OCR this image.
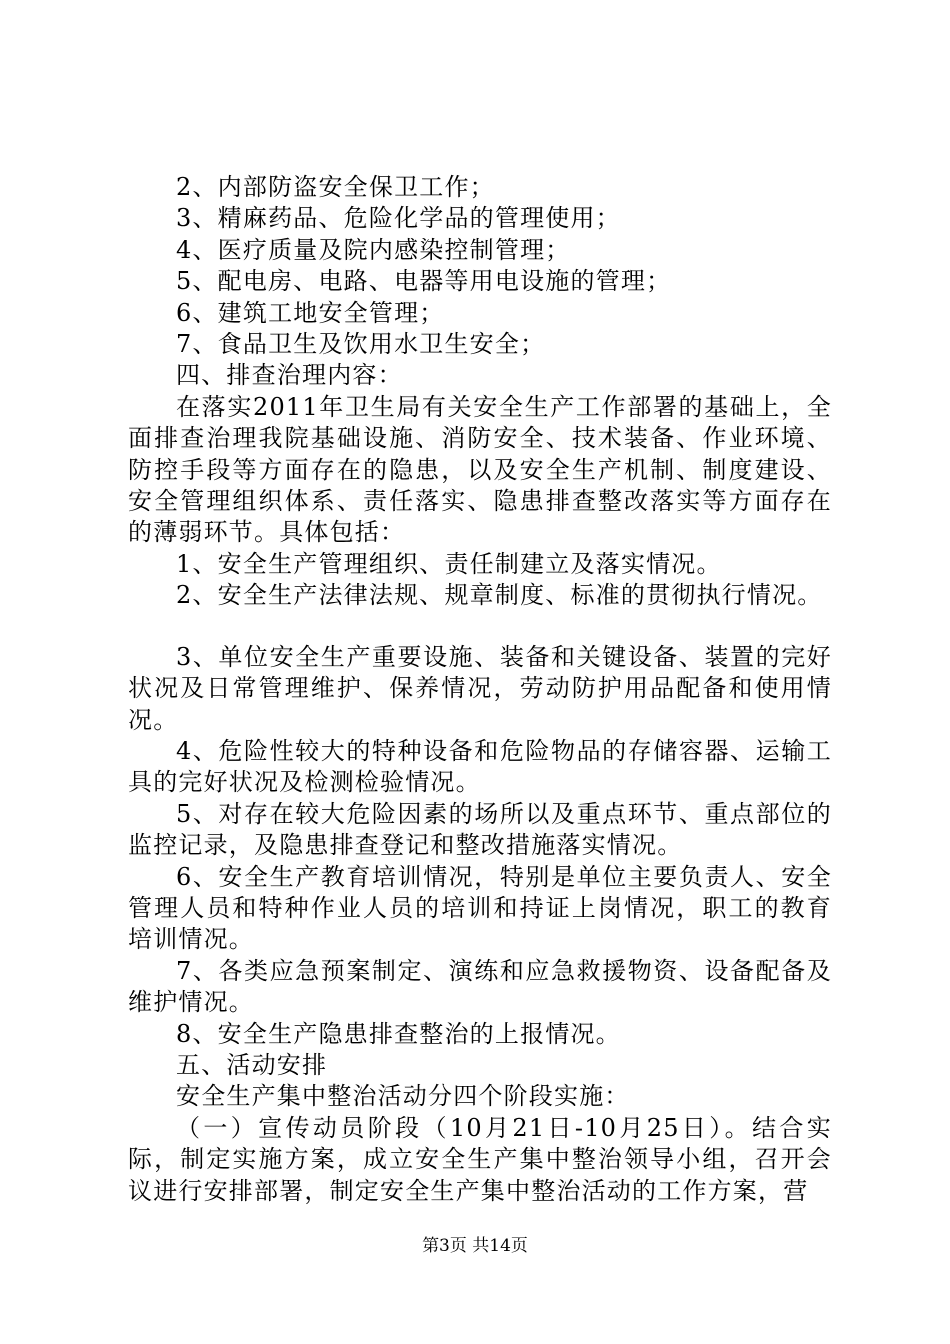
2、内部防盗安全保卫工作；

3、精麻药品、危险化学品的管理使用；

4、医疗质量及院内感染控制管理；

5、配电房、电路、电器等用电设施的管理；

6、建筑工地安全管理；

7、食品卫生及饮用水卫生安全；

四、排查治理内容：

在落实2011年卫生局有关安全生产工作部署的基础上，全面排查治理我院基础设施、消防安全、技术装备、作业环境、防控手段等方面存在的隐患，以及安全生产机制、制度建设、安全管理组织体系、责任落实、隐患排查整改落实等方面存在的薄弱环节。具体包括：

1、安全生产管理组织、责任制建立及落实情况。

2、安全生产法律法规、规章制度、标准的贯彻执行情况。

3、单位安全生产重要设施、装备和关键设备、装置的完好状况及日常管理维护、保养情况，劳动防护用品配备和使用情况。

4、危险性较大的特种设备和危险物品的存储容器、运输工具的完好状况及检测检验情况。

5、对存在较大危险因素的场所以及重点环节、重点部位的监控记录，及隐患排查登记和整改措施落实情况。

6、安全生产教育培训情况，特别是单位主要负责人、安全管理人员和特种作业人员的培训和持证上岗情况，职工的教育培训情况。

7、各类应急预案制定、演练和应急救援物资、设备配备及维护情况。

8、安全生产隐患排查整治的上报情况。

五、活动安排

安全生产集中整治活动分四个阶段实施：

（一）宣传动员阶段（10月21日-10月25日）。结合实际，制定实施方案，成立安全生产集中整治领导小组，召开会议进行安排部署，制定安全生产集中整治活动的工作方案，营

第3页 共14页
